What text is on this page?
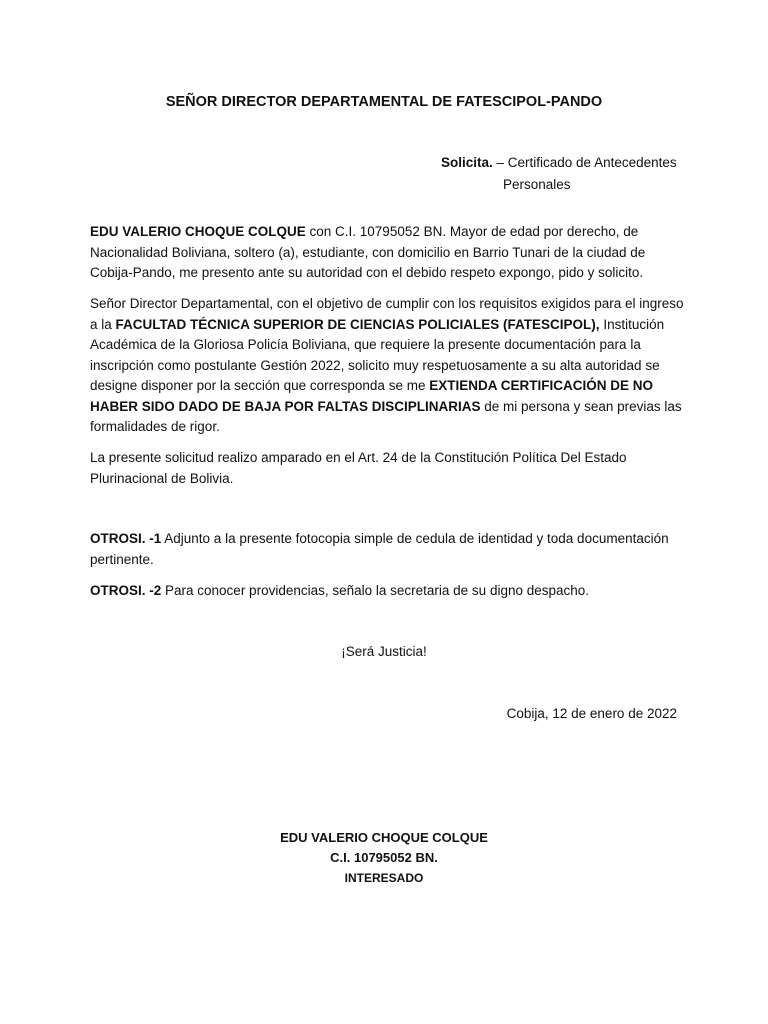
SEÑOR DIRECTOR DEPARTAMENTAL DE FATESCIPOL-PANDO
Solicita. – Certificado de Antecedentes
Personales
EDU VALERIO CHOQUE COLQUE con C.I. 10795052 BN. Mayor de edad por derecho, de Nacionalidad Boliviana, soltero (a), estudiante, con domicilio en Barrio Tunari de la ciudad de Cobija-Pando, me presento ante su autoridad con el debido respeto expongo, pido y solicito.
Señor Director Departamental, con el objetivo de cumplir con los requisitos exigidos para el ingreso a la FACULTAD TÉCNICA SUPERIOR DE CIENCIAS POLICIALES (FATESCIPOL), Institución Académica de la Gloriosa Policía Boliviana, que requiere la presente documentación para la inscripción como postulante Gestión 2022, solicito muy respetuosamente a su alta autoridad se designe disponer por la sección que corresponda se me EXTIENDA CERTIFICACIÓN DE NO HABER SIDO DADO DE BAJA POR FALTAS DISCIPLINARIAS de mi persona y sean previas las formalidades de rigor.
La presente solicitud realizo amparado en el Art. 24 de la Constitución Política Del Estado Plurinacional de Bolivia.
OTROSI. -1 Adjunto a la presente fotocopia simple de cedula de identidad y toda documentación pertinente.
OTROSI. -2 Para conocer providencias, señalo la secretaria de su digno despacho.
¡Será Justicia!
Cobija, 12 de enero de 2022
EDU VALERIO CHOQUE COLQUE
C.I. 10795052 BN.
INTERESADO
